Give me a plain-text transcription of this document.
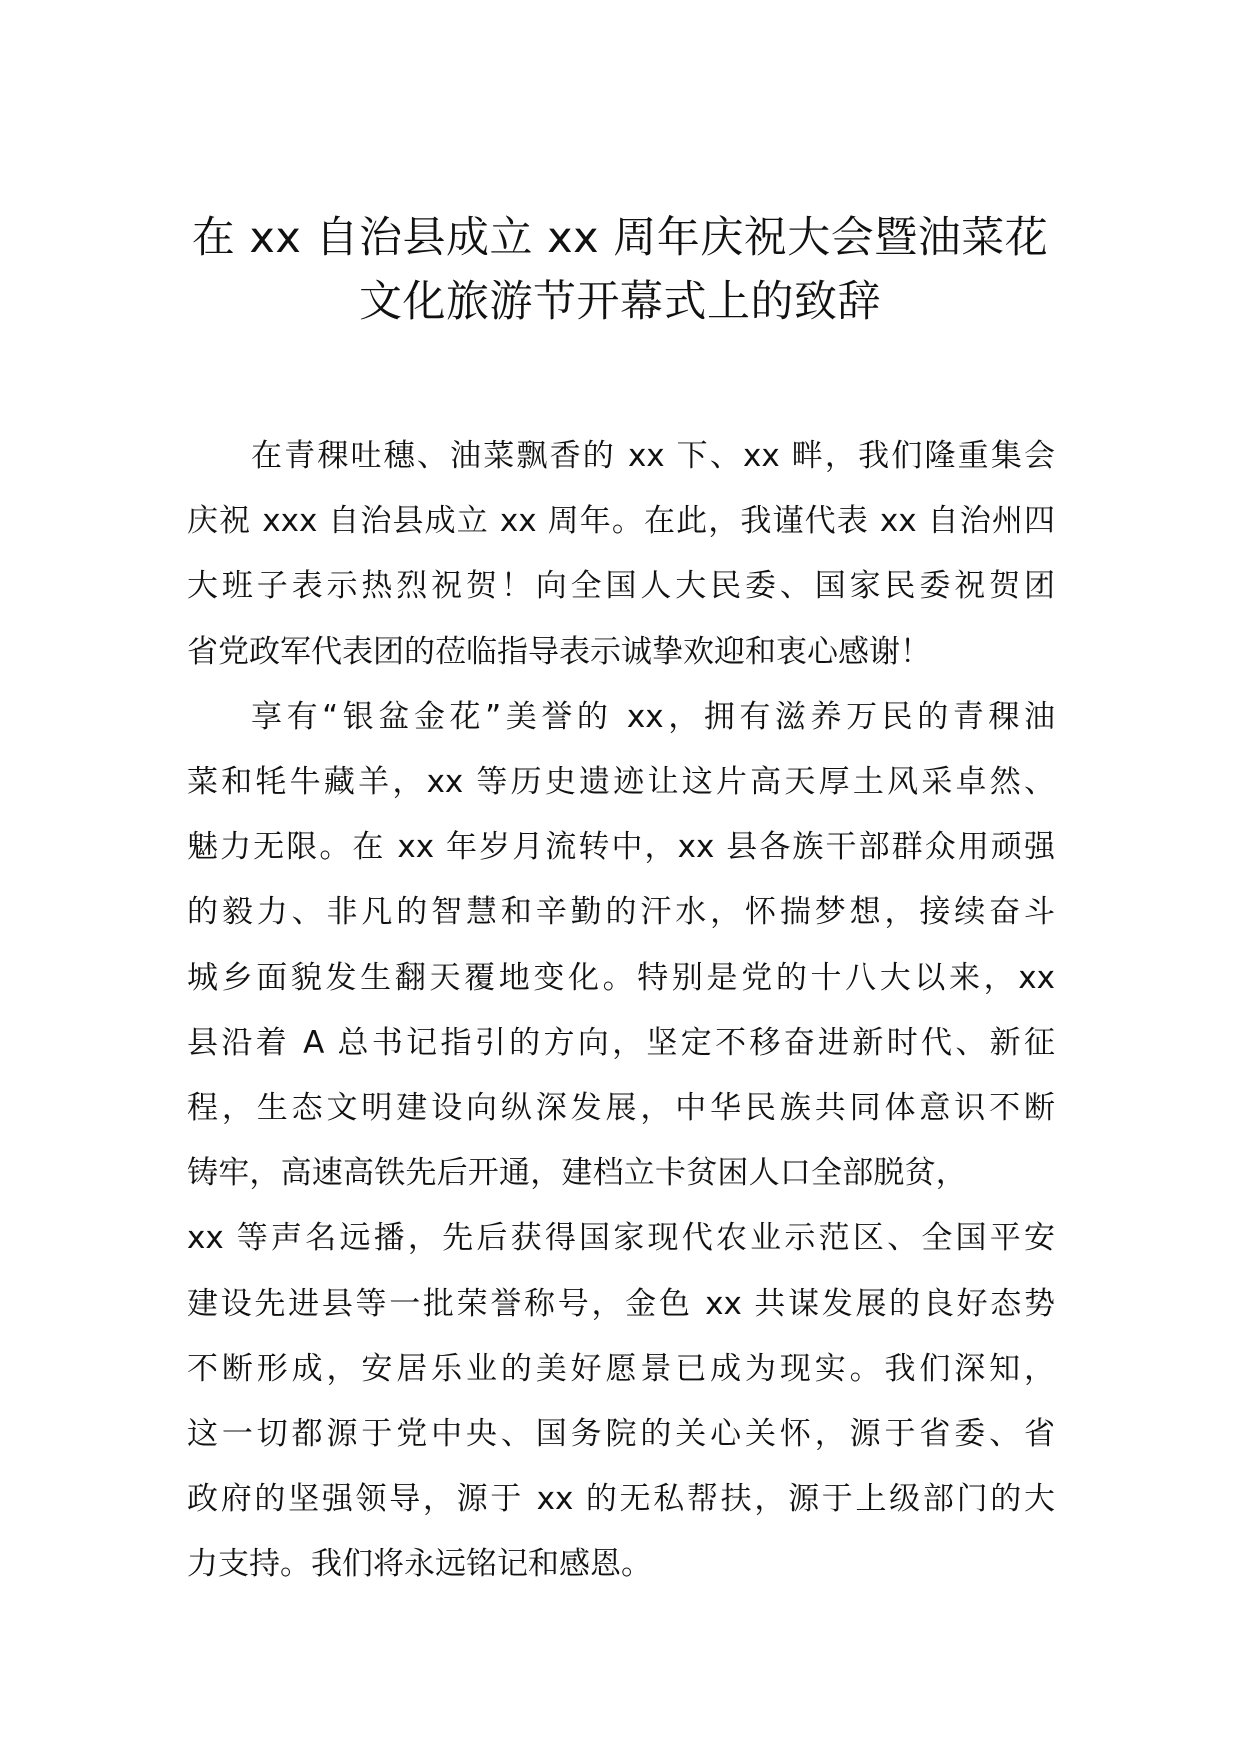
在 xx 自治县成立 xx 周年庆祝大会暨油菜花
文化旅游节开幕式上的致辞

在青稞吐穗、油菜飘香的 xx 下、xx 畔，我们隆重集会
庆祝 xxx 自治县成立 xx 周年。在此，我谨代表 xx 自治州四
大班子表示热烈祝贺！向全国人大民委、国家民委祝贺团
省党政军代表团的莅临指导表示诚挚欢迎和衷心感谢！

享有“银盆金花”美誉的 xx，拥有滋养万民的青稞油
菜和牦牛藏羊，xx 等历史遗迹让这片高天厚土风采卓然、
魅力无限。在 xx 年岁月流转中，xx 县各族干部群众用顽强
的毅力、非凡的智慧和辛勤的汗水，怀揣梦想，接续奋斗
城乡面貌发生翻天覆地变化。特别是党的十八大以来，xx
县沿着 A 总书记指引的方向，坚定不移奋进新时代、新征
程，生态文明建设向纵深发展，中华民族共同体意识不断
铸牢，高速高铁先后开通，建档立卡贫困人口全部脱贫，
xx 等声名远播，先后获得国家现代农业示范区、全国平安
建设先进县等一批荣誉称号，金色 xx 共谋发展的良好态势
不断形成，安居乐业的美好愿景已成为现实。我们深知，
这一切都源于党中央、国务院的关心关怀，源于省委、省
政府的坚强领导，源于 xx 的无私帮扶，源于上级部门的大
力支持。我们将永远铭记和感恩。
